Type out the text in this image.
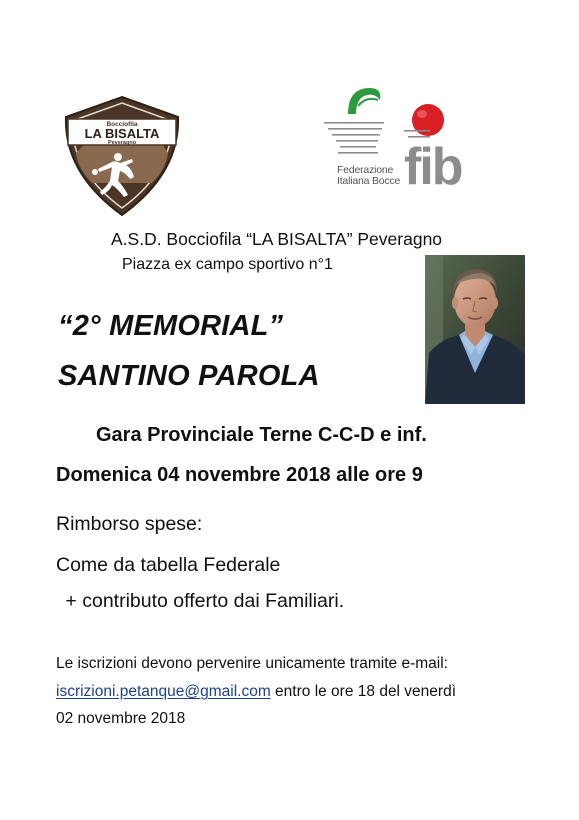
Bocciofila
LA BISALTA
Peveragno	fib
Federazione
Italiana Bocce
A.S.D. Bocciofila “LA BISALTA” Peveragno
Piazza ex campo sportivo n°1
“2° MEMORIAL”
SANTINO PAROLA
Gara Provinciale Terne C-C-D e inf.
Domenica 04 novembre 2018 alle ore 9
Rimborso spese:
Come da tabella Federale
+ contributo offerto dai Familiari.
Le iscrizioni devono pervenire unicamente tramite e-mail:
iscrizioni.petanque@gmail.com entro le ore 18 del venerdì
02 novembre 2018
